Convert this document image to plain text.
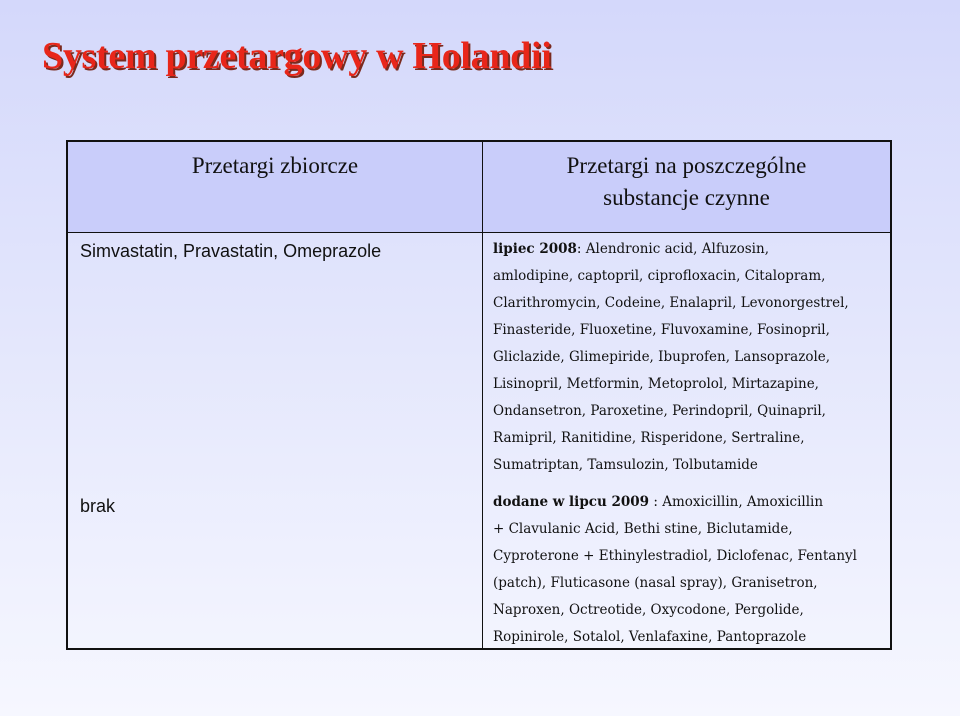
System przetargowy w Holandii
Przetargi zbiorcze	Przetargi na poszczególne
substancje czynne
Simvastatin, Pravastatin, Omeprazole	lipiec 2008: Alendronic acid, Alfuzosin,
amlodipine, captopril, ciprofloxacin, Citalopram,
Clarithromycin, Codeine, Enalapril, Levonorgestrel,
Finasteride, Fluoxetine, Fluvoxamine, Fosinopril,
Gliclazide, Glimepiride, Ibuprofen, Lansoprazole,
Lisinopril, Metformin, Metoprolol, Mirtazapine,
Ondansetron, Paroxetine, Perindopril, Quinapril,
Ramipril, Ranitidine, Risperidone, Sertraline,
Sumatriptan, Tamsulozin, Tolbutamide
brak	dodane w lipcu 2009 : Amoxicillin, Amoxicillin
+ Clavulanic Acid, Bethi stine, Biclutamide,
Cyproterone + Ethinylestradiol, Diclofenac, Fentanyl
(patch), Fluticasone (nasal spray), Granisetron,
Naproxen, Octreotide, Oxycodone, Pergolide,
Ropinirole, Sotalol, Venlafaxine, Pantoprazole
